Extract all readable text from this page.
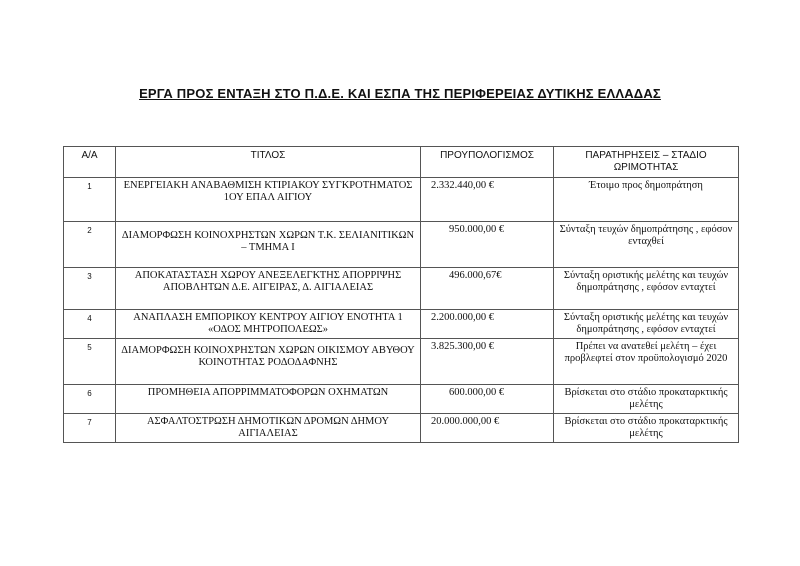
ΕΡΓΑ ΠΡΟΣ ΕΝΤΑΞΗ ΣΤΟ Π.Δ.Ε. ΚΑΙ ΕΣΠΑ ΤΗΣ ΠΕΡΙΦΕΡΕΙΑΣ ΔΥΤΙΚΗΣ ΕΛΛΑΔΑΣ
Α/Α	ΤΙΤΛΟΣ	ΠΡΟΥΠΟΛΟΓΙΣΜΟΣ	ΠΑΡΑΤΗΡΗΣΕΙΣ – ΣΤΑΔΙΟ ΩΡΙΜΟΤΗΤΑΣ
1	ΕΝΕΡΓΕΙΑΚΗ ΑΝΑΒΑΘΜΙΣΗ ΚΤΙΡΙΑΚΟΥ ΣΥΓΚΡΟΤΗΜΑΤΟΣ 1ΟΥ ΕΠΑΛ ΑΙΓΙΟΥ	2.332.440,00 €	Έτοιμο προς δημοπράτηση
2	ΔΙΑΜΟΡΦΩΣΗ ΚΟΙΝΟΧΡΗΣΤΩΝ ΧΩΡΩΝ Τ.Κ. ΣΕΛΙΑΝΙΤΙΚΩΝ – ΤΜΗΜΑ Ι	950.000,00 €	Σύνταξη τευχών δημοπράτησης , εφόσον ενταχθεί
3	ΑΠΟΚΑΤΑΣΤΑΣΗ ΧΩΡΟΥ ΑΝΕΞΕΛΕΓΚΤΗΣ ΑΠΟΡΡΙΨΗΣ ΑΠΟΒΛΗΤΩΝ Δ.Ε. ΑΙΓΕΙΡΑΣ, Δ. ΑΙΓΙΑΛΕΙΑΣ	496.000,67€	Σύνταξη οριστικής μελέτης και τευχών δημοπράτησης , εφόσον ενταχτεί
4	ΑΝΑΠΛΑΣΗ ΕΜΠΟΡΙΚΟΥ ΚΕΝΤΡΟΥ ΑΙΓΙΟΥ ΕΝΟΤΗΤΑ 1 «ΟΔΟΣ ΜΗΤΡΟΠΟΛΕΩΣ»	2.200.000,00 €	Σύνταξη οριστικής μελέτης και τευχών δημοπράτησης , εφόσον ενταχτεί
5	ΔΙΑΜΟΡΦΩΣΗ ΚΟΙΝΟΧΡΗΣΤΩΝ ΧΩΡΩΝ ΟΙΚΙΣΜΟΥ ΑΒΥΘΟΥ ΚΟΙΝΟΤΗΤΑΣ ΡΟΔΟΔΑΦΝΗΣ	3.825.300,00 €	Πρέπει να ανατεθεί μελέτη – έχει προβλεφτεί στον προϋπολογισμό 2020
6	ΠΡΟΜΗΘΕΙΑ ΑΠΟΡΡΙΜΜΑΤΟΦΟΡΩΝ ΟΧΗΜΑΤΩΝ	600.000,00 €	Βρίσκεται στο στάδιο προκαταρκτικής μελέτης
7	ΑΣΦΑΛΤΟΣΤΡΩΣΗ ΔΗΜΟΤΙΚΩΝ ΔΡΟΜΩΝ ΔΗΜΟΥ ΑΙΓΙΑΛΕΙΑΣ	20.000.000,00 €	Βρίσκεται στο στάδιο προκαταρκτικής μελέτης
